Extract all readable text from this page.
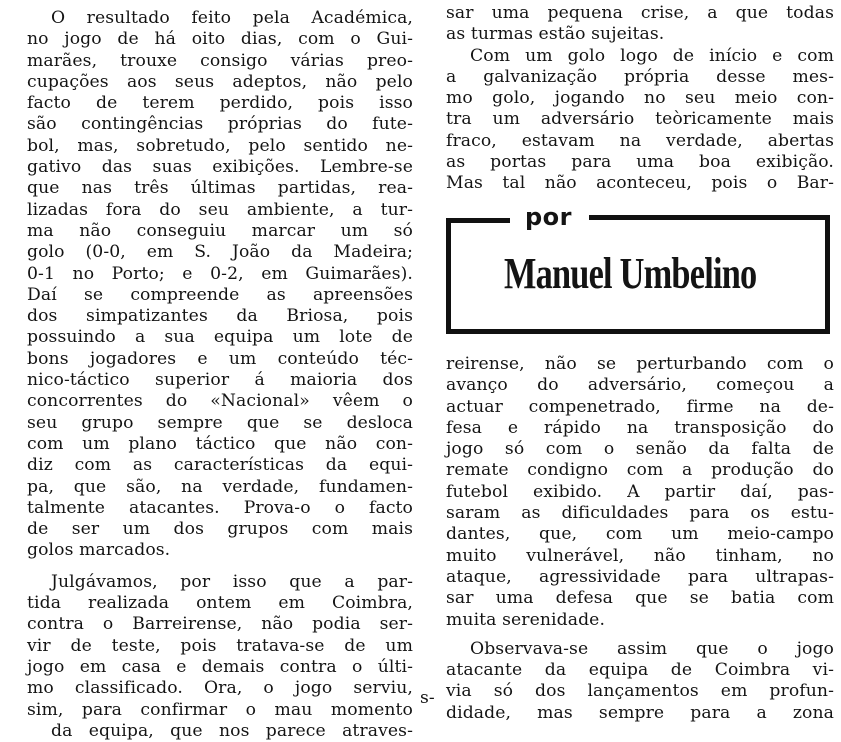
O resultado feito pela Académica,
no jogo de há oito dias, com o Gui-
marães, trouxe consigo várias preo-
cupações aos seus adeptos, não pelo
facto de terem perdido, pois isso
são contingências próprias do fute-
bol, mas, sobretudo, pelo sentido ne-
gativo das suas exibições. Lembre-se
que nas três últimas partidas, rea-
lizadas fora do seu ambiente, a tur-
ma não conseguiu marcar um só
golo (0-0, em S. João da Madeira;
0-1 no Porto; e 0-2, em Guimarães).
Daí se compreende as apreensões
dos simpatizantes da Briosa, pois
possuindo a sua equipa um lote de
bons jogadores e um conteúdo téc-
nico-táctico superior á maioria dos
concorrentes do «Nacional» vêem o
seu grupo sempre que se desloca
com um plano táctico que não con-
diz com as características da equi-
pa, que são, na verdade, fundamen-
talmente atacantes. Prova-o o facto
de ser um dos grupos com mais
golos marcados.
Julgávamos, por isso que a par-
tida realizada ontem em Coimbra,
contra o Barreirense, não podia ser-
vir de teste, pois tratava-se de um
jogo em casa e demais contra o últi-
mo classificado. Ora, o jogo serviu,
sim, para confirmar o mau momento
da equipa, que nos parece atraves-
sar uma pequena crise, a que todas
as turmas estão sujeitas.
Com um golo logo de início e com
a galvanização própria desse mes-
mo golo, jogando no seu meio con-
tra um adversário teòricamente mais
fraco, estavam na verdade, abertas
as portas para uma boa exibição.
Mas tal não aconteceu, pois o Bar-
por
Manuel Umbelino
reirense, não se perturbando com o
avanço do adversário, começou a
actuar compenetrado, firme na de-
fesa e rápido na transposição do
jogo só com o senão da falta de
remate condigno com a produção do
futebol exibido. A partir daí, pas-
saram as dificuldades para os estu-
dantes, que, com um meio-campo
muito vulnerável, não tinham, no
ataque, agressividade para ultrapas-
sar uma defesa que se batia com
muita serenidade.
Observava-se assim que o jogo
atacante da equipa de Coimbra vi-
via só dos lançamentos em profun-
didade, mas sempre para a zona
s-
